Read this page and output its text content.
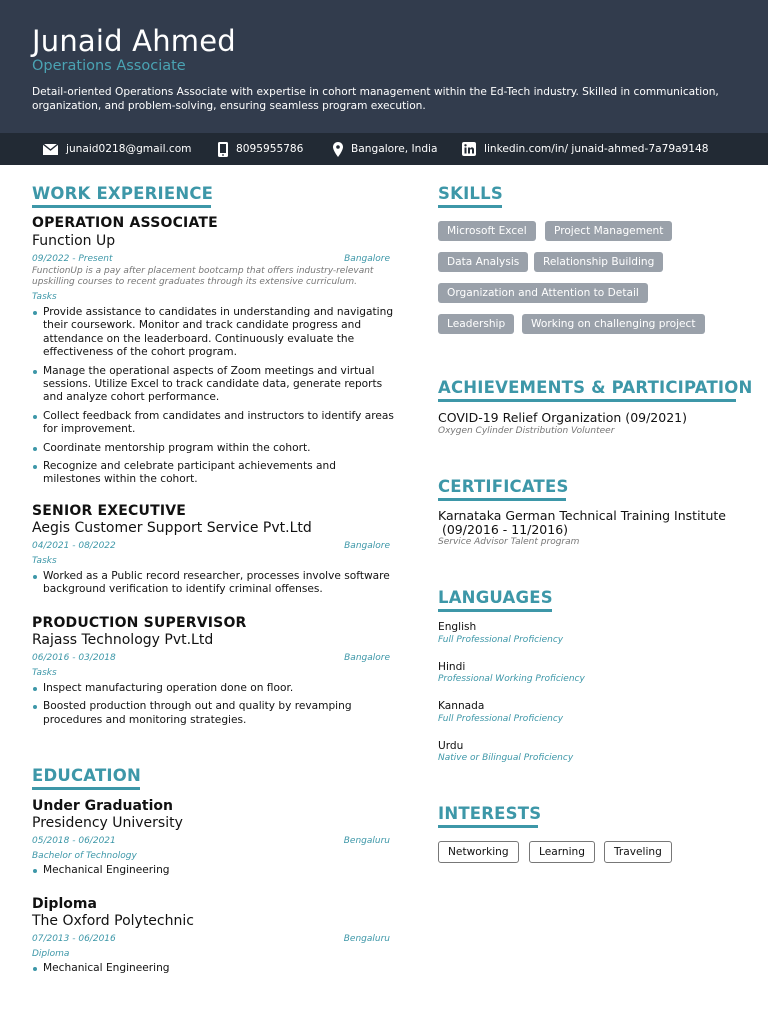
Junaid Ahmed
Operations Associate
Detail-oriented Operations Associate with expertise in cohort management within the Ed-Tech industry. Skilled in communication, organization, and problem-solving, ensuring seamless program execution.
junaid0218@gmail.com	8095955786	Bangalore, India	linkedin.com/in/ junaid-ahmed-7a79a9148
WORK EXPERIENCE
OPERATION ASSOCIATE
Function Up
09/2022 - Present	Bangalore
FunctionUp is a pay after placement bootcamp that offers industry-relevant upskilling courses to recent graduates through its extensive curriculum.
Tasks
Provide assistance to candidates in understanding and navigating their coursework. Monitor and track candidate progress and attendance on the leaderboard. Continuously evaluate the effectiveness of the cohort program.
Manage the operational aspects of Zoom meetings and virtual sessions. Utilize Excel to track candidate data, generate reports and analyze cohort performance.
Collect feedback from candidates and instructors to identify areas for improvement.
Coordinate mentorship program within the cohort.
Recognize and celebrate participant achievements and milestones within the cohort.
SENIOR EXECUTIVE
Aegis Customer Support Service Pvt.Ltd
04/2021 - 08/2022	Bangalore
Tasks
Worked as a Public record researcher, processes involve software background verification to identify criminal offenses.
PRODUCTION SUPERVISOR
Rajass Technology Pvt.Ltd
06/2016 - 03/2018	Bangalore
Tasks
Inspect manufacturing operation done on floor.
Boosted production through out and quality by revamping procedures and monitoring strategies.
EDUCATION
Under Graduation
Presidency University
05/2018 - 06/2021	Bengaluru
Bachelor of Technology
Mechanical Engineering
Diploma
The Oxford Polytechnic
07/2013 - 06/2016	Bengaluru
Diploma
Mechanical Engineering
SKILLS
Microsoft Excel	Project Management
Data Analysis	Relationship Building
Organization and Attention to Detail
Leadership	Working on challenging project
ACHIEVEMENTS & PARTICIPATION
COVID-19 Relief Organization (09/2021)
Oxygen Cylinder Distribution Volunteer
CERTIFICATES
Karnataka German Technical Training Institute
(09/2016 - 11/2016)
Service Advisor Talent program
LANGUAGES
English
Full Professional Proficiency
Hindi
Professional Working Proficiency
Kannada
Full Professional Proficiency
Urdu
Native or Bilingual Proficiency
INTERESTS
Networking	Learning	Traveling
